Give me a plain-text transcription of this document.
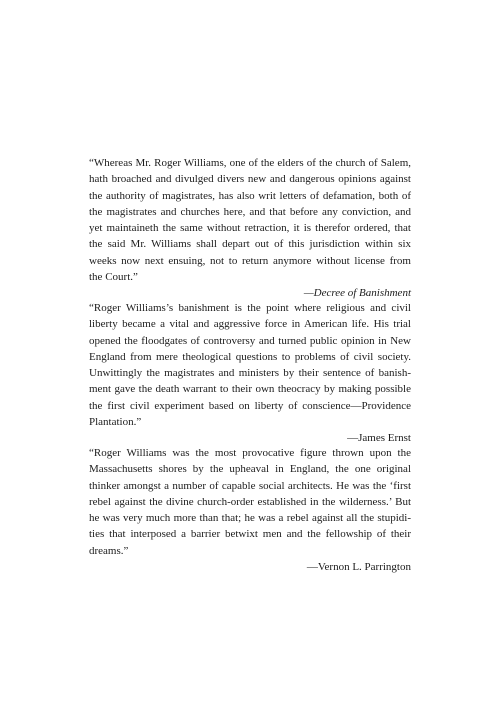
“Whereas Mr. Roger Williams, one of the elders of the church of Salem,
hath broached and divulged divers new and dangerous opinions against
the authority of magistrates, has also writ letters of defamation, both of
the magistrates and churches here, and that before any conviction, and
yet maintaineth the same without retraction, it is therefor ordered, that
the said Mr. Williams shall depart out of this jurisdiction within six
weeks now next ensuing, not to return anymore without license from
the Court.”
—Decree of Banishment
“Roger Williams’s banishment is the point where religious and civil
liberty became a vital and aggressive force in American life. His trial
opened the floodgates of controversy and turned public opinion in New
England from mere theological questions to problems of civil society.
Unwittingly the magistrates and ministers by their sentence of banish-
ment gave the death warrant to their own theocracy by making possible
the first civil experiment based on liberty of conscience—Providence
Plantation.”
—James Ernst
“Roger Williams was the most provocative figure thrown upon the
Massachusetts shores by the upheaval in England, the one original
thinker amongst a number of capable social architects. He was the ‘first
rebel against the divine church-order established in the wilderness.’ But
he was very much more than that; he was a rebel against all the stupidi-
ties that interposed a barrier betwixt men and the fellowship of their
dreams.”
—Vernon L. Parrington
